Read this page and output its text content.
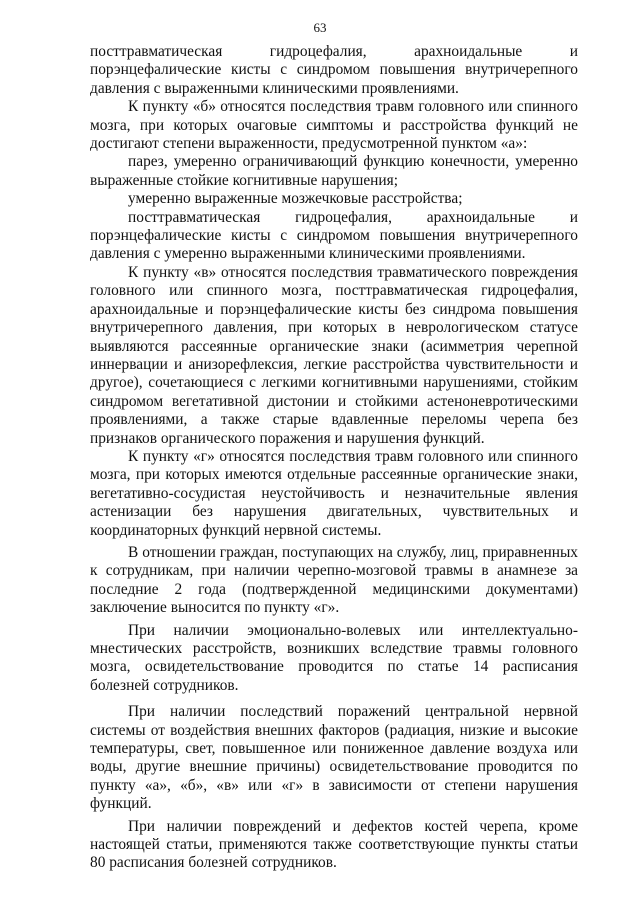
63

посттравматическая гидроцефалия, арахноидальные и порэнцефалические кисты с синдромом повышения внутричерепного давления с выраженными клиническими проявлениями.

К пункту «б» относятся последствия травм головного или спинного мозга, при которых очаговые симптомы и расстройства функций не достигают степени выраженности, предусмотренной пунктом «а»:

парез, умеренно ограничивающий функцию конечности, умеренно выраженные стойкие когнитивные нарушения;

умеренно выраженные мозжечковые расстройства;

посттравматическая гидроцефалия, арахноидальные и порэнцефалические кисты с синдромом повышения внутричерепного давления с умеренно выраженными клиническими проявлениями.

К пункту «в» относятся последствия травматического повреждения головного или спинного мозга, посттравматическая гидроцефалия, арахноидальные и порэнцефалические кисты без синдрома повышения внутричерепного давления, при которых в неврологическом статусе выявляются рассеянные органические знаки (асимметрия черепной иннервации и анизорефлексия, легкие расстройства чувствительности и другое), сочетающиеся с легкими когнитивными нарушениями, стойким синдромом вегетативной дистонии и стойкими астеноневротическими проявлениями, а также старые вдавленные переломы черепа без признаков органического поражения и нарушения функций.

К пункту «г» относятся последствия травм головного или спинного мозга, при которых имеются отдельные рассеянные органические знаки, вегетативно-сосудистая неустойчивость и незначительные явления астенизации без нарушения двигательных, чувствительных и координаторных функций нервной системы.

В отношении граждан, поступающих на службу, лиц, приравненных к сотрудникам, при наличии черепно-мозговой травмы в анамнезе за последние 2 года (подтвержденной медицинскими документами) заключение выносится по пункту «г».

При наличии эмоционально-волевых или интеллектуально-мнестических расстройств, возникших вследствие травмы головного мозга, освидетельствование проводится по статье 14 расписания болезней сотрудников.

При наличии последствий поражений центральной нервной системы от воздействия внешних факторов (радиация, низкие и высокие температуры, свет, повышенное или пониженное давление воздуха или воды, другие внешние причины) освидетельствование проводится по пункту «а», «б», «в» или «г» в зависимости от степени нарушения функций.

При наличии повреждений и дефектов костей черепа, кроме настоящей статьи, применяются также соответствующие пункты статьи 80 расписания болезней сотрудников.
